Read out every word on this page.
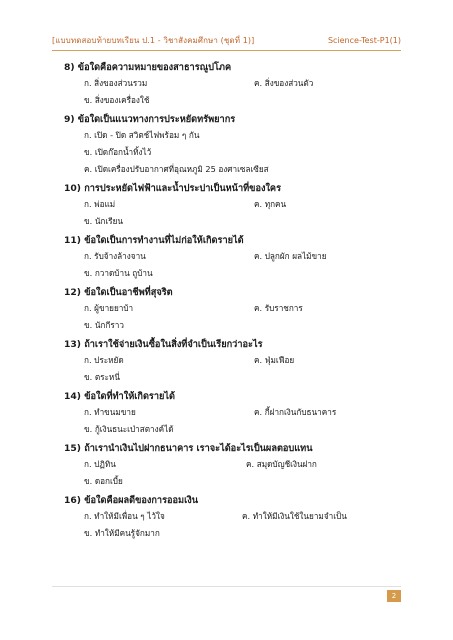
[แบบทดสอบท้ายบทเรียน ป.1 - วิชาสังคมศึกษา (ชุดที่ 1)]	Science-Test-P1(1)
8) ข้อใดคือความหมายของสาธารณูปโภค
ก. สิ่งของส่วนรวม	ค. สิ่งของส่วนตัว
ข. สิ่งของเครื่องใช้
9) ข้อใดเป็นแนวทางการประหยัดทรัพยากร
ก. เปิด - ปิด สวิตช์ไฟพร้อม ๆ กัน
ข. เปิดก๊อกน้ำทิ้งไว้
ค. เปิดเครื่องปรับอากาศที่อุณหภูมิ 25 องศาเซลเซียส
10) การประหยัดไฟฟ้าและน้ำประปาเป็นหน้าที่ของใคร
ก. พ่อแม่	ค. ทุกคน
ข. นักเรียน
11) ข้อใดเป็นการทำงานที่ไม่ก่อให้เกิดรายได้
ก. รับจ้างล้างจาน	ค. ปลูกผัก ผลไม้ขาย
ข. กวาดบ้าน ถูบ้าน
12) ข้อใดเป็นอาชีพที่สุจริต
ก. ผู้ขายยาบ้า	ค. รับราชการ
ข. นักกีราว
13) ถ้าเราใช้จ่ายเงินซื้อในสิ่งที่จำเป็นเรียกว่าอะไร
ก. ประหยัด	ค. ฟุ่มเฟือย
ข. ตระหนี่
14) ข้อใดที่ทำให้เกิดรายได้
ก. ทำขนมขาย	ค. กี้ฝากเงินกับธนาคาร
ข. กู้เงินธนะเป่าสตางค์ได้
15) ถ้าเรานำเงินไปฝากธนาคาร เราจะได้อะไรเป็นผลตอบแทน
ก. ปฏิทิน	ค. สมุดบัญชีเงินฝาก
ข. ดอกเบี้ย
16) ข้อใดคือผลดีของการออมเงิน
ก. ทำให้มีเพื่อน ๆ ไว้ใจ	ค. ทำให้มีเงินใช้ในยามจำเป็น
ข. ทำให้มีคนรู้จักมาก
2
